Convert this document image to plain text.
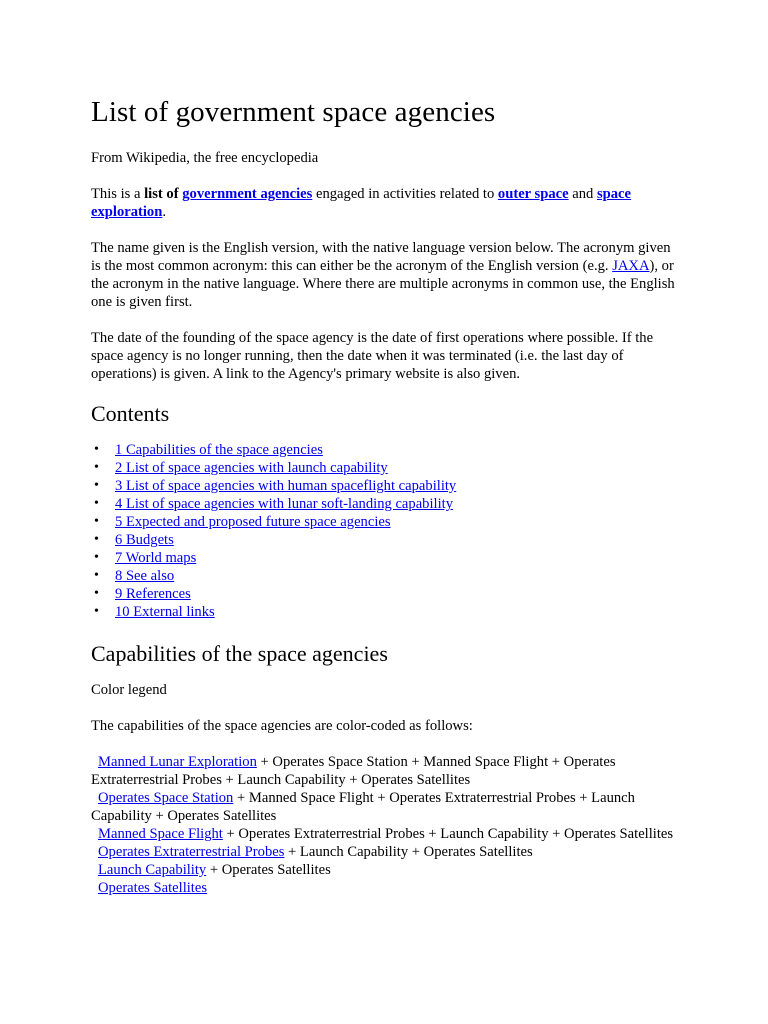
List of government space agencies

From Wikipedia, the free encyclopedia

This is a list of government agencies engaged in activities related to outer space and space exploration.

The name given is the English version, with the native language version below. The acronym given is the most common acronym: this can either be the acronym of the English version (e.g. JAXA), or the acronym in the native language. Where there are multiple acronyms in common use, the English one is given first.

The date of the founding of the space agency is the date of first operations where possible. If the space agency is no longer running, then the date when it was terminated (i.e. the last day of operations) is given. A link to the Agency's primary website is also given.

Contents
• 1 Capabilities of the space agencies
• 2 List of space agencies with launch capability
• 3 List of space agencies with human spaceflight capability
• 4 List of space agencies with lunar soft-landing capability
• 5 Expected and proposed future space agencies
• 6 Budgets
• 7 World maps
• 8 See also
• 9 References
• 10 External links
Capabilities of the space agencies

Color legend

The capabilities of the space agencies are color-coded as follows:

Manned Lunar Exploration + Operates Space Station + Manned Space Flight + Operates Extraterrestrial Probes + Launch Capability + Operates Satellites
Operates Space Station + Manned Space Flight + Operates Extraterrestrial Probes + Launch Capability + Operates Satellites
Manned Space Flight + Operates Extraterrestrial Probes + Launch Capability + Operates Satellites
Operates Extraterrestrial Probes + Launch Capability + Operates Satellites
Launch Capability + Operates Satellites
Operates Satellites
